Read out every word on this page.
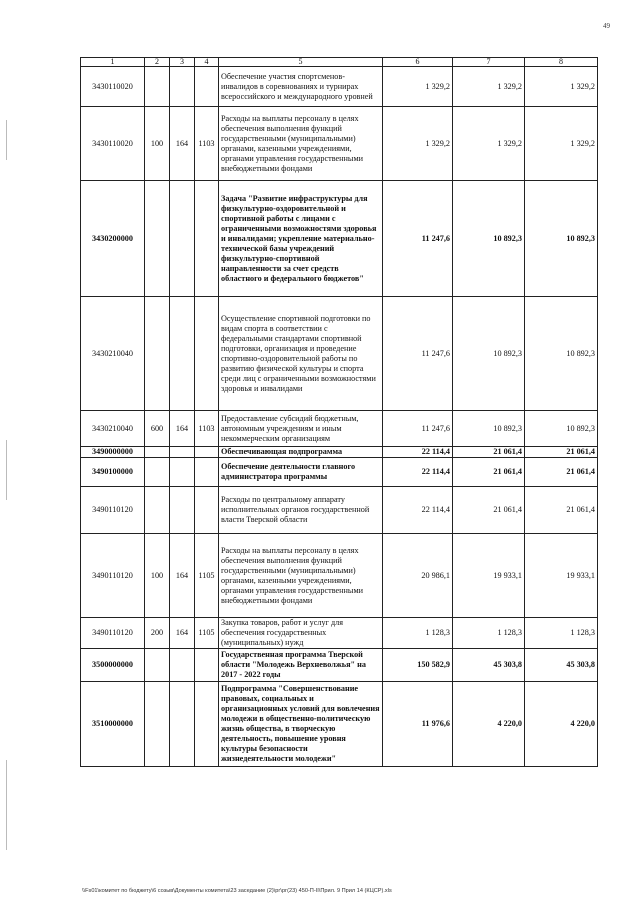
49
1	2	3	4	5	6	7	8
3430110020				Обеспечение участия спортсменов-инвалидов в соревнованиях и турнирах всероссийского и международного уровней	1 329,2	1 329,2	1 329,2
3430110020	100	164	1103	Расходы на выплаты персоналу в целях обеспечения выполнения функций государственными (муниципальными) органами, казенными учреждениями, органами управления государственными внебюджетными фондами	1 329,2	1 329,2	1 329,2
3430200000				Задача "Развитие инфраструктуры для физкультурно-оздоровительной и спортивной работы с лицами с ограниченными возможностями здоровья и инвалидами; укрепление материально-технической базы учреждений физкультурно-спортивной направленности за счет средств областного и федерального бюджетов"	11 247,6	10 892,3	10 892,3
3430210040				Осуществление спортивной подготовки по видам спорта в соответствии с федеральными стандартами спортивной подготовки, организация и проведение спортивно-оздоровительной работы по развитию физической культуры и спорта среди лиц с ограниченными возможностями здоровья и инвалидами	11 247,6	10 892,3	10 892,3
3430210040	600	164	1103	Предоставление субсидий бюджетным, автономным учреждениям и иным некоммерческим организациям	11 247,6	10 892,3	10 892,3
3490000000				Обеспечивающая подпрограмма	22 114,4	21 061,4	21 061,4
3490100000				Обеспечение деятельности главного администратора программы	22 114,4	21 061,4	21 061,4
3490110120				Расходы по центральному аппарату исполнительных органов государственной власти Тверской области	22 114,4	21 061,4	21 061,4
3490110120	100	164	1105	Расходы на выплаты персоналу в целях обеспечения выполнения функций государственными (муниципальными) органами, казенными учреждениями, органами управления государственными внебюджетными фондами	20 986,1	19 933,1	19 933,1
3490110120	200	164	1105	Закупка товаров, работ и услуг для обеспечения государственных (муниципальных) нужд	1 128,3	1 128,3	1 128,3
3500000000				Государственная программа Тверской области "Молодежь Верхневолжья" на 2017 - 2022 годы	150 582,9	45 303,8	45 303,8
3510000000				Подпрограмма "Совершенствование правовых, социальных и организационных условий для вовлечения молодежи в общественно-политическую жизнь общества, в творческую деятельность, повышение уровня культуры безопасности жизнедеятельности молодежи"	11 976,6	4 220,0	4 220,0
\\Fs01\комитет по бюджету\6 созыв\Документы комитета\23 заседание (2)\рг\рг(23) 450-П-II\Прил. 9 Прил 14 (КЦСР).xls
